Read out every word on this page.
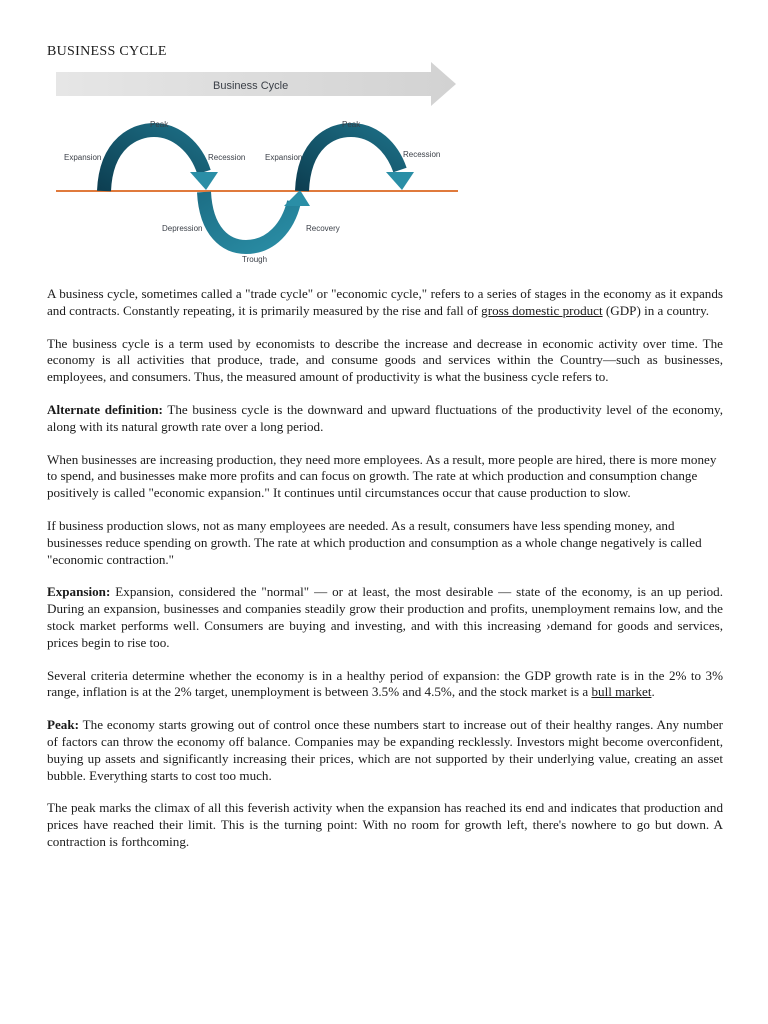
BUSINESS CYCLE
Business Cycle
Expansion
Peak
Recession
Depression
Trough
Expansion
Recovery
Peak
Recession

A business cycle, sometimes called a "trade cycle" or "economic cycle," refers to a series of stages in the economy as it expands and contracts. Constantly repeating, it is primarily measured by the rise and fall of gross domestic product (GDP) in a country.

The business cycle is a term used by economists to describe the increase and decrease in economic activity over time. The economy is all activities that produce, trade, and consume goods and services within the Country—such as businesses, employees, and consumers. Thus, the measured amount of productivity is what the business cycle refers to.

Alternate definition: The business cycle is the downward and upward fluctuations of the productivity level of the economy, along with its natural growth rate over a long period.

When businesses are increasing production, they need more employees. As a result, more people are hired, there is more money to spend, and businesses make more profits and can focus on growth. The rate at which production and consumption change positively is called "economic expansion." It continues until circumstances occur that cause production to slow.

If business production slows, not as many employees are needed. As a result, consumers have less spending money, and businesses reduce spending on growth. The rate at which production and consumption as a whole change negatively is called "economic contraction."

Expansion: Expansion, considered the "normal" — or at least, the most desirable — state of the economy, is an up period. During an expansion, businesses and companies steadily grow their production and profits, unemployment remains low, and the stock market performs well. Consumers are buying and investing, and with this increasing ›demand for goods and services, prices begin to rise too.

Several criteria determine whether the economy is in a healthy period of expansion: the GDP growth rate is in the 2% to 3% range, inflation is at the 2% target, unemployment is between 3.5% and 4.5%, and the stock market is a bull market.

Peak: The economy starts growing out of control once these numbers start to increase out of their healthy ranges. Any number of factors can throw the economy off balance. Companies may be expanding recklessly. Investors might become overconfident, buying up assets and significantly increasing their prices, which are not supported by their underlying value, creating an asset bubble. Everything starts to cost too much.

The peak marks the climax of all this feverish activity when the expansion has reached its end and indicates that production and prices have reached their limit. This is the turning point: With no room for growth left, there's nowhere to go but down. A contraction is forthcoming.
